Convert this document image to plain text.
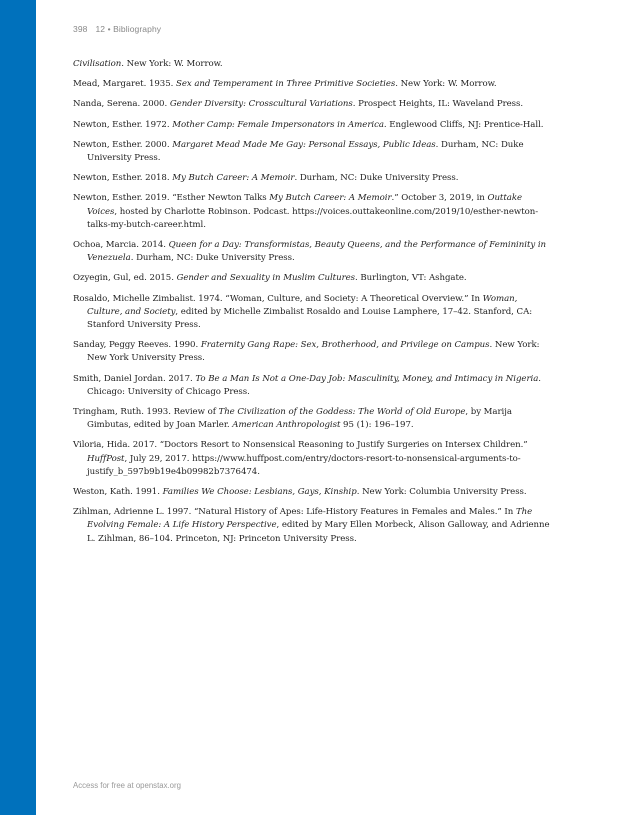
398 12 • Bibliography

Civilisation. New York: W. Morrow.

Mead, Margaret. 1935. Sex and Temperament in Three Primitive Societies. New York: W. Morrow.

Nanda, Serena. 2000. Gender Diversity: Crosscultural Variations. Prospect Heights, IL: Waveland Press.

Newton, Esther. 1972. Mother Camp: Female Impersonators in America. Englewood Cliffs, NJ: Prentice-Hall.

Newton, Esther. 2000. Margaret Mead Made Me Gay: Personal Essays, Public Ideas. Durham, NC: Duke University Press.

Newton, Esther. 2018. My Butch Career: A Memoir. Durham, NC: Duke University Press.

Newton, Esther. 2019. “Esther Newton Talks My Butch Career: A Memoir.” October 3, 2019, in Outtake Voices, hosted by Charlotte Robinson. Podcast. https://voices.outtakeonline.com/2019/10/esther-newton-talks-my-butch-career.html.

Ochoa, Marcia. 2014. Queen for a Day: Transformistas, Beauty Queens, and the Performance of Femininity in Venezuela. Durham, NC: Duke University Press.

Ozyegin, Gul, ed. 2015. Gender and Sexuality in Muslim Cultures. Burlington, VT: Ashgate.

Rosaldo, Michelle Zimbalist. 1974. “Woman, Culture, and Society: A Theoretical Overview.” In Woman, Culture, and Society, edited by Michelle Zimbalist Rosaldo and Louise Lamphere, 17–42. Stanford, CA: Stanford University Press.

Sanday, Peggy Reeves. 1990. Fraternity Gang Rape: Sex, Brotherhood, and Privilege on Campus. New York: New York University Press.

Smith, Daniel Jordan. 2017. To Be a Man Is Not a One-Day Job: Masculinity, Money, and Intimacy in Nigeria. Chicago: University of Chicago Press.

Tringham, Ruth. 1993. Review of The Civilization of the Goddess: The World of Old Europe, by Marija Gimbutas, edited by Joan Marler. American Anthropologist 95 (1): 196–197.

Viloria, Hida. 2017. “Doctors Resort to Nonsensical Reasoning to Justify Surgeries on Intersex Children.” HuffPost, July 29, 2017. https://www.huffpost.com/entry/doctors-resort-to-nonsensical-arguments-to-justify_b_597b9b19e4b09982b7376474.

Weston, Kath. 1991. Families We Choose: Lesbians, Gays, Kinship. New York: Columbia University Press.

Zihlman, Adrienne L. 1997. “Natural History of Apes: Life-History Features in Females and Males.” In The Evolving Female: A Life History Perspective, edited by Mary Ellen Morbeck, Alison Galloway, and Adrienne L. Zihlman, 86–104. Princeton, NJ: Princeton University Press.

Access for free at openstax.org
